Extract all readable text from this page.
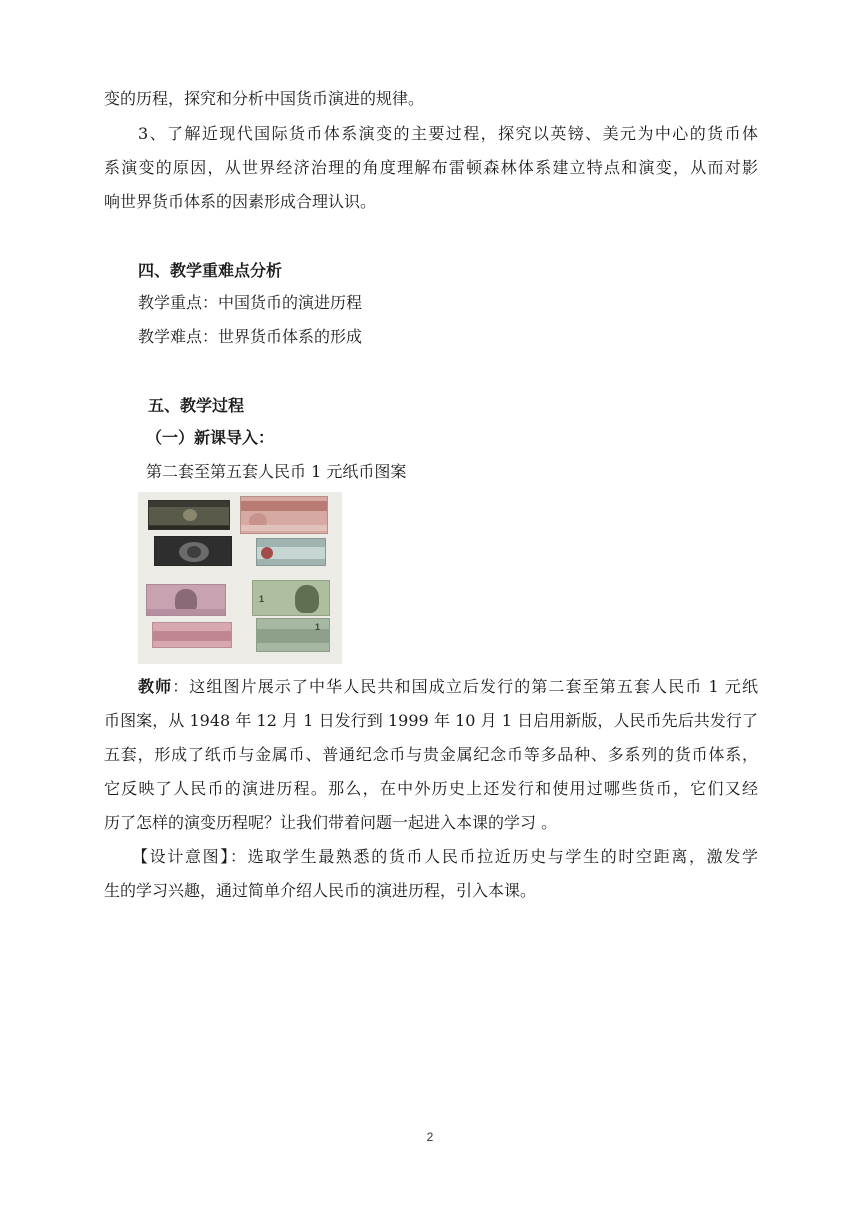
变的历程，探究和分析中国货币演进的规律。
3、了解近现代国际货币体系演变的主要过程，探究以英镑、美元为中心的货币体
系演变的原因，从世界经济治理的角度理解布雷顿森林体系建立特点和演变，从而对影
响世界货币体系的因素形成合理认识。
四、教学重难点分析
教学重点：中国货币的演进历程
教学难点：世界货币体系的形成
五、教学过程
（一）新课导入：
第二套至第五套人民币 1 元纸币图案
1
1
教师：这组图片展示了中华人民共和国成立后发行的第二套至第五套人民币 1 元纸
币图案，从 1948 年 12 月 1 日发行到 1999 年 10 月 1 日启用新版，人民币先后共发行了
五套，形成了纸币与金属币、普通纪念币与贵金属纪念币等多品种、多系列的货币体系，
它反映了人民币的演进历程。那么，在中外历史上还发行和使用过哪些货币，它们又经
历了怎样的演变历程呢？让我们带着问题一起进入本课的学习 。
【设计意图】：选取学生最熟悉的货币人民币拉近历史与学生的时空距离，激发学
生的学习兴趣，通过简单介绍人民币的演进历程，引入本课。
2
